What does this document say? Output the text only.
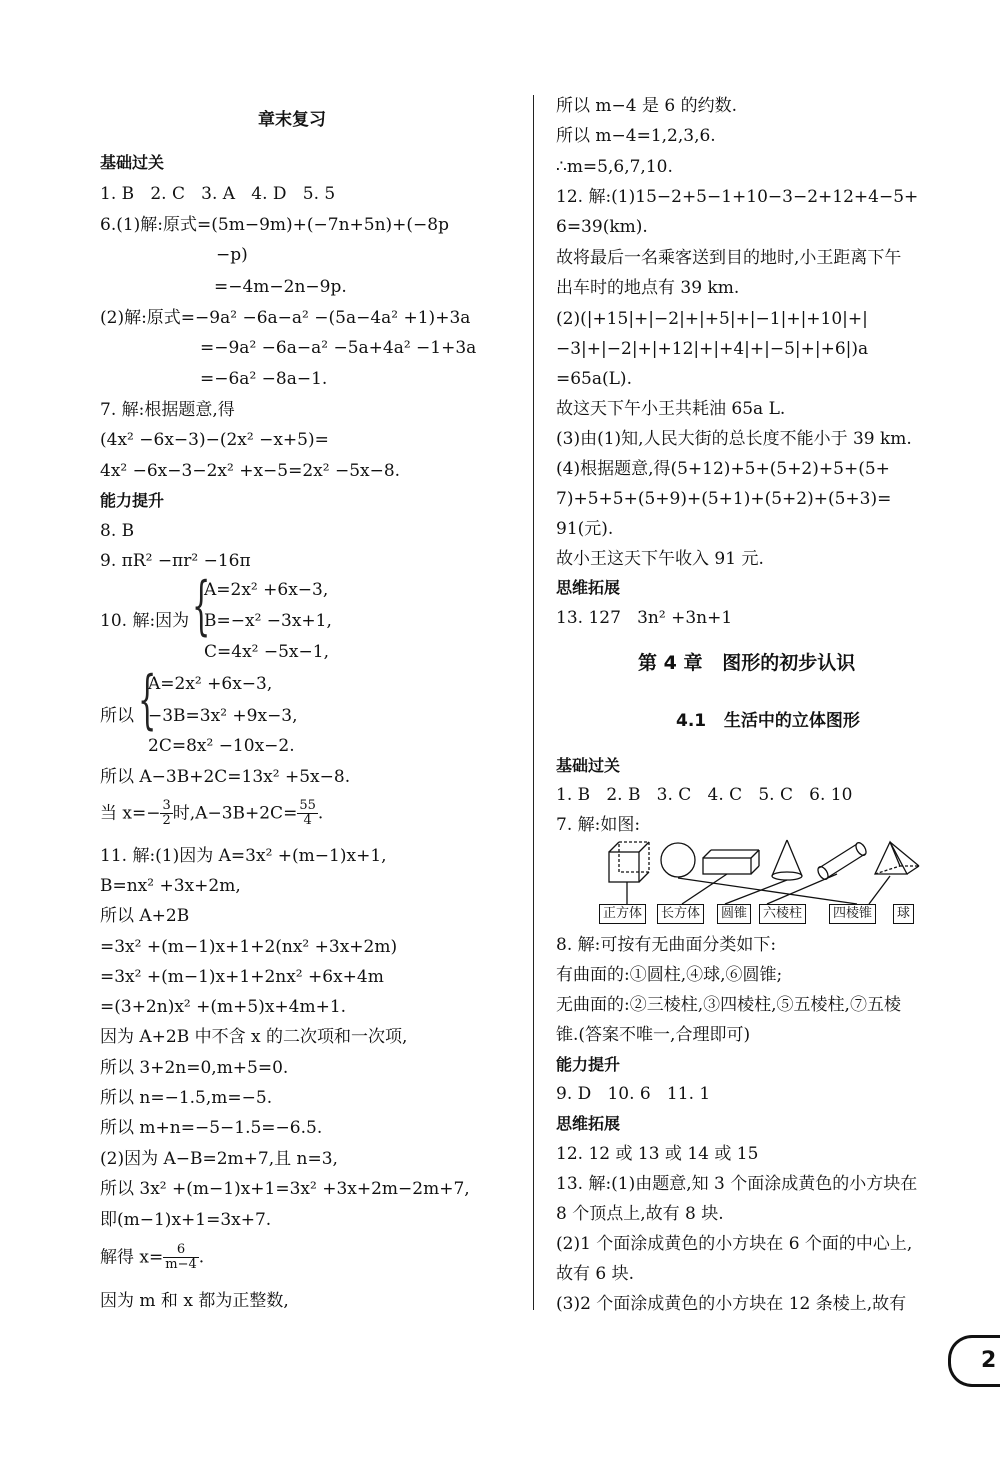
章末复习
基础过关
1. B   2. C   3. A   4. D   5. 5
6.(1)解:原式=(5m−9m)+(−7n+5n)+(−8p
−p)
=−4m−2n−9p.
(2)解:原式=−9a² −6a−a² −(5a−4a² +1)+3a
=−9a² −6a−a² −5a+4a² −1+3a
=−6a² −8a−1.
7. 解:根据题意,得
(4x² −6x−3)−(2x² −x+5)=
4x² −6x−3−2x² +x−5=2x² −5x−8.
能力提升
8. B
9. πR² −πr² −16π
10. 解:因为 {
A=2x² +6x−3,
B=−x² −3x+1,
C=4x² −5x−1,
所以 {
A=2x² +6x−3,
−3B=3x² +9x−3,
2C=8x² −10x−2.
所以 A−3B+2C=13x² +5x−8.
当 $x=- \frac{3}{2}$ 时$,A-3B+2C= \frac{55}{4}$ .
11. 解:(1)因为 A=3x² +(m−1)x+1,
B=nx² +3x+2m,
所以 A+2B
=3x² +(m−1)x+1+2(nx² +3x+2m)
=3x² +(m−1)x+1+2nx² +6x+4m
=(3+2n)x² +(m+5)x+4m+1.
因为 A+2B 中不含 x 的二次项和一次项,
所以 3+2n=0,m+5=0.
所以 n=−1.5,m=−5.
所以 m+n=−5−1.5=−6.5.
(2)因为 A−B=2m+7,且 n=3,
所以 3x² +(m−1)x+1=3x² +3x+2m−2m+7,
即(m−1)x+1=3x+7.
解得 $x= \frac{6}{m-4}$ .
因为 m 和 x 都为正整数,
所以 m−4 是 6 的约数.
所以 m−4=1,2,3,6.
∴m=5,6,7,10.
12. 解:(1)15−2+5−1+10−3−2+12+4−5+
6=39(km).
故将最后一名乘客送到目的地时,小王距离下午
出车时的地点有 39 km.
(2)(|+15|+|−2|+|+5|+|−1|+|+10|+|
−3|+|−2|+|+12|+|+4|+|−5|+|+6|)a
=65a(L).
故这天下午小王共耗油 65a L.
(3)由(1)知,人民大街的总长度不能小于 39 km.
(4)根据题意,得(5+12)+5+(5+2)+5+(5+
7)+5+5+(5+9)+(5+1)+(5+2)+(5+3)=
91(元).
故小王这天下午收入 91 元.
思维拓展
13. 127   3n² +3n+1
第 4 章   图形的初步认识
4.1   生活中的立体图形
基础过关
1. B   2. B   3. C   4. C   5. C   6. 10
7. 解:如图:
8. 解:可按有无曲面分类如下:
有曲面的:①圆柱,④球,⑥圆锥;
无曲面的:②三棱柱,③四棱柱,⑤五棱柱,⑦五棱
锥.(答案不唯一,合理即可)
能力提升
9. D   10. 6   11. 1
思维拓展
12. 12 或 13 或 14 或 15
13. 解:(1)由题意,知 3 个面涂成黄色的小方块在
8 个顶点上,故有 8 块.
(2)1 个面涂成黄色的小方块在 6 个面的中心上,
故有 6 块.
(3)2 个面涂成黄色的小方块在 12 条棱上,故有
正方体	长方体	圆锥	六棱柱	四棱锥	球
2
